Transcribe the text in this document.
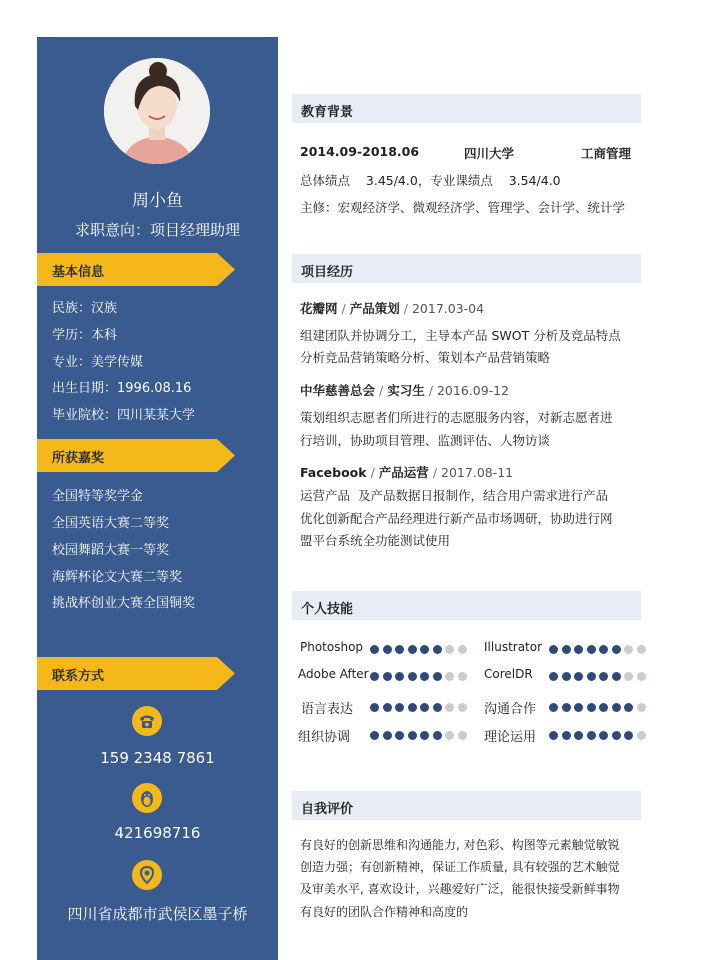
周小鱼
求职意向：项目经理助理
基本信息
民族：汉族
学历：本科
专业：美学传媒
出生日期：1996.08.16
毕业院校：四川某某大学
所获嘉奖
全国特等奖学金
全国英语大赛二等奖
校园舞蹈大赛一等奖
海辉杯论文大赛二等奖
挑战杯创业大赛全国铜奖
联系方式
159 2348 7861
421698716
四川省成都市武侯区墨子桥
教育背景
2014.09-2018.06	四川大学	工商管理
总体绩点    3.45/4.0，专业课绩点    3.54/4.0
主修：宏观经济学、微观经济学、管理学、会计学、统计学
项目经历
花瓣网 / 产品策划 / 2017.03-04
组建团队并协调分工，主导本产品 SWOT 分析及竞品特点
分析竞品营销策略分析、策划本产品营销策略
中华慈善总会 / 实习生 / 2016.09-12
策划组织志愿者们所进行的志愿服务内容，对新志愿者进
行培训，协助项目管理、监测评估、人物访谈
Facebook / 产品运营 / 2017.08-11
运营产品  及产品数据日报制作，结合用户需求进行产品
优化创新配合产品经理进行新产品市场调研，协助进行网
盟平台系统全功能测试使用
个人技能
Photoshop	Illustrator
Adobe After	CorelDR
语言表达	沟通合作
组织协调	理论运用
自我评价
有良好的创新思维和沟通能力, 对色彩、构图等元素触觉敏锐
创造力强；有创新精神，保证工作质量, 具有较强的艺术触觉
及审美水平, 喜欢设计，兴趣爱好广泛，能很快接受新鲜事物
有良好的团队合作精神和高度的
